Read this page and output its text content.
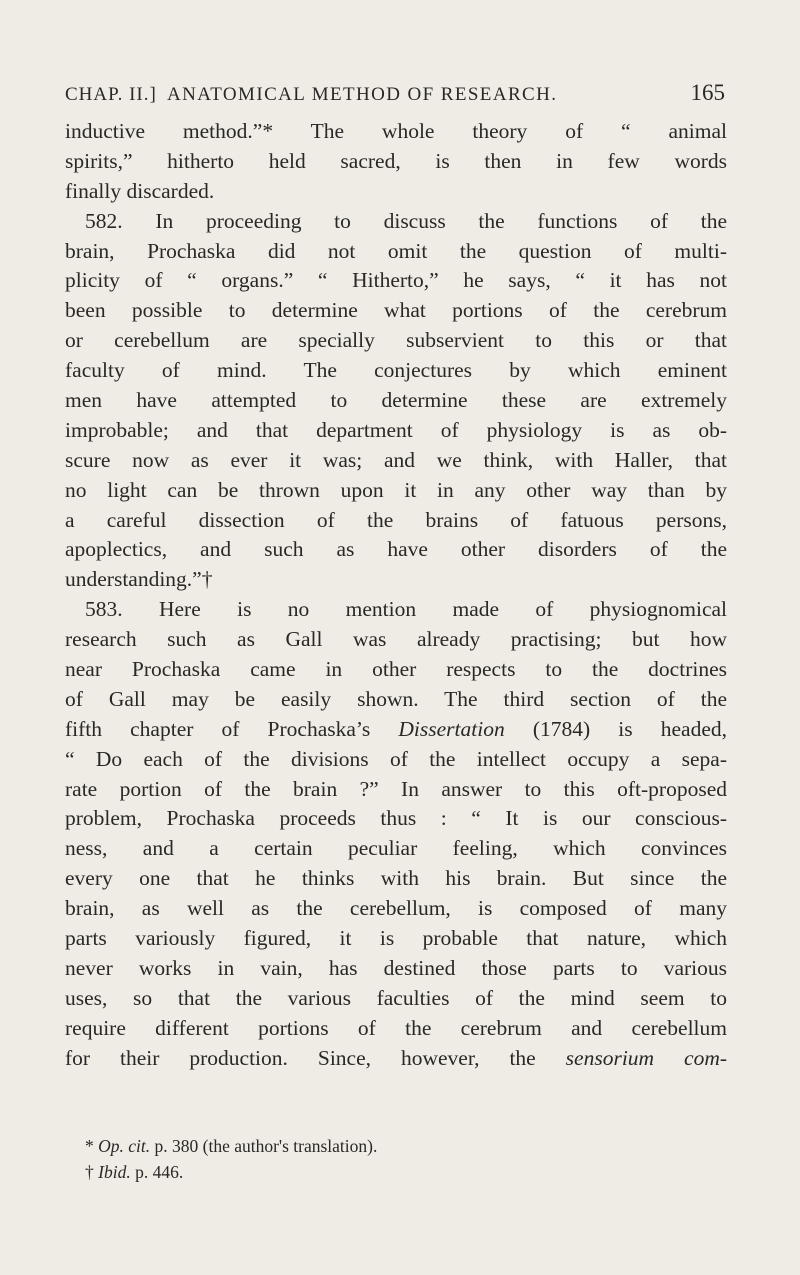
CHAP. II.] ANATOMICAL METHOD OF RESEARCH.	165
inductive method.”* The whole theory of “ animal
spirits,” hitherto held sacred, is then in few words
finally discarded.
582. In proceeding to discuss the functions of the
brain, Prochaska did not omit the question of multi-
plicity of “ organs.” “ Hitherto,” he says, “ it has not
been possible to determine what portions of the cerebrum
or cerebellum are specially subservient to this or that
faculty of mind. The conjectures by which eminent
men have attempted to determine these are extremely
improbable; and that department of physiology is as ob-
scure now as ever it was; and we think, with Haller, that
no light can be thrown upon it in any other way than by
a careful dissection of the brains of fatuous persons,
apoplectics, and such as have other disorders of the
understanding.”†
583. Here is no mention made of physiognomical
research such as Gall was already practising; but how
near Prochaska came in other respects to the doctrines
of Gall may be easily shown. The third section of the
fifth chapter of Prochaska’s Dissertation (1784) is headed,
“ Do each of the divisions of the intellect occupy a sepa-
rate portion of the brain ?” In answer to this oft-proposed
problem, Prochaska proceeds thus : “ It is our conscious-
ness, and a certain peculiar feeling, which convinces
every one that he thinks with his brain. But since the
brain, as well as the cerebellum, is composed of many
parts variously figured, it is probable that nature, which
never works in vain, has destined those parts to various
uses, so that the various faculties of the mind seem to
require different portions of the cerebrum and cerebellum
for their production. Since, however, the sensorium com-
* Op. cit. p. 380 (the author's translation).
† Ibid. p. 446.
